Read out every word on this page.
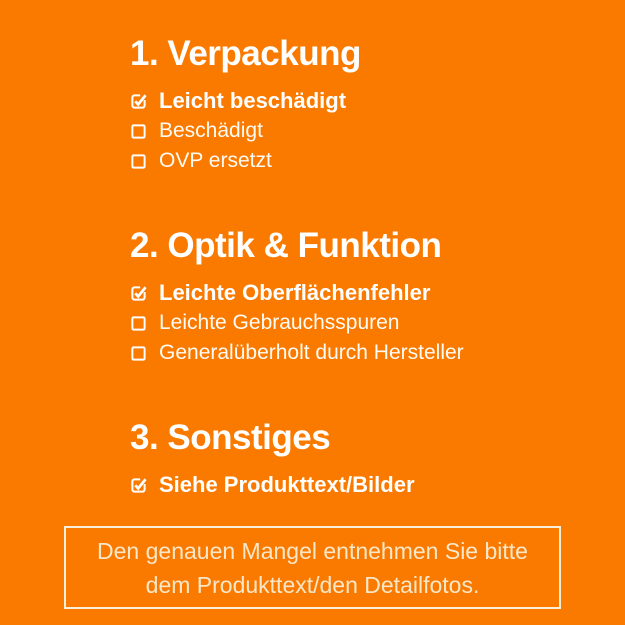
1. Verpackung
Leicht beschädigt
Beschädigt
OVP ersetzt
2. Optik & Funktion
Leichte Oberflächenfehler
Leichte Gebrauchsspuren
Generalüberholt durch Hersteller
3. Sonstiges
Siehe Produkttext/Bilder
Den genauen Mangel entnehmen Sie bitte
dem Produkttext/den Detailfotos.
